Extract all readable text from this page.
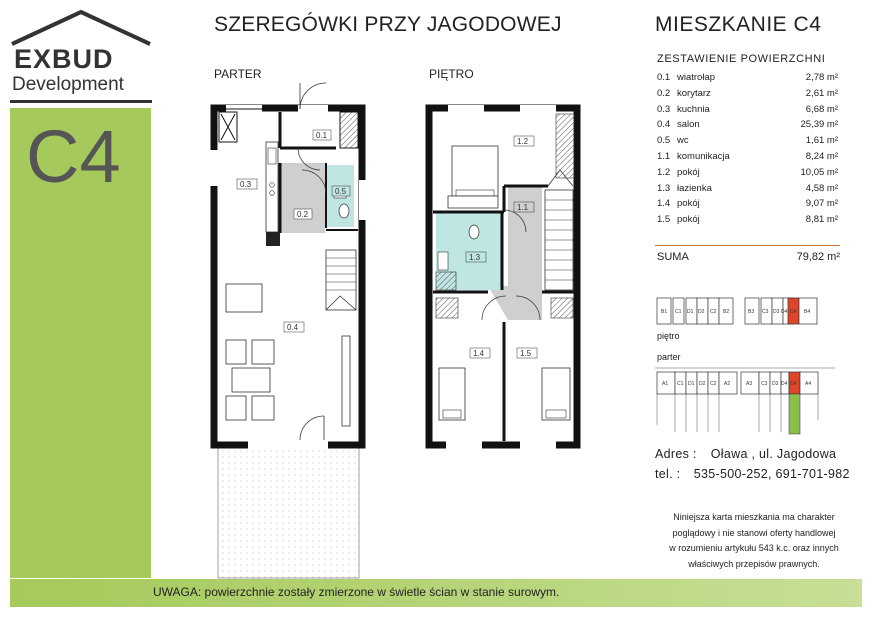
EXBUD
Development
C4
SZEREGÓWKI PRZY JAGODOWEJ	MIESZKANIE C4
PARTER	PIĘTRO
0.1
0.3
0.2
0.5
0.4
1.2
1.1
1.3
1.4	1.5
B1 C1 D1 D2 C2 B2	B3 C3 D3 D4 C4 B4
A1 C1 D1 D2 C2 A2	A3 C3 D3 D4 C4 A4
ZESTAWIENIE POWIERZCHNI
0.1 wiatrołap	2,78 m²
0.2 korytarz	2,61 m²
0.3 kuchnia	6,68 m²
0.4 salon	25,39 m²
0.5 wc	1,61 m²
1.1 komunikacja	8,24 m²
1.2 pokój	10,05 m²
1.3 łazienka	4,58 m²
1.4 pokój	9,07 m²
1.5 pokój	8,81 m²
SUMA	79,82 m²
piętro
parter
Adres : Oława , ul. Jagodowa
tel. : 535-500-252, 691-701-982
Niniejsza karta mieszkania ma charakter
poglądowy i nie stanowi oferty handlowej
w rozumieniu artykułu 543 k.c. oraz innych
właściwych przepisów prawnych.
UWAGA: powierzchnie zostały zmierzone w świetle ścian w stanie surowym.
